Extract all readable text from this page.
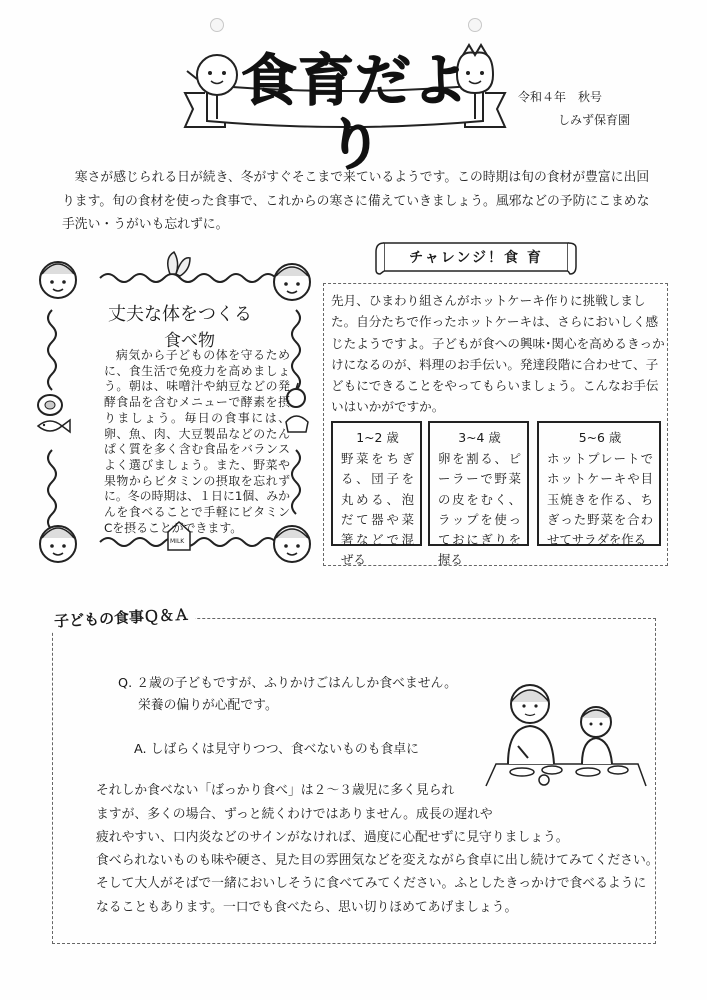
食育だより
令和４年　秋号
しみず保育園
寒さが感じられる日が続き、冬がすぐそこまで来ているようです。この時期は旬の食材が豊富に出回ります。旬の食材を使った食事で、これからの寒さに備えていきましょう。風邪などの予防にこまめな手洗い・うがいも忘れずに。
MILK
丈夫な体をつくる
食べ物
病気から子どもの体を守るために、食生活で免疫力を高めましょう。朝は、味噌汁や納豆などの発酵食品を含むメニューで酵素を摂りましょう。毎日の食事には、卵、魚、肉、大豆製品などのたんぱく質を多く含む食品をバランスよく選びましょう。また、野菜や果物からビタミンの摂取を忘れずに。冬の時期は、１日に1個、みかんを食べることで手軽にビタミンCを摂ることができます。
チャレンジ！食 育
先月、ひまわり組さんがホットケーキ作りに挑戦しました。自分たちで作ったホットケーキは、さらにおいしく感じたようですよ。子どもが食への興味･関心を高めるきっかけになるのが、料理のお手伝い。発達段階に合わせて、子どもにできることをやってもらいましょう。こんなお手伝いはいかがですか。
1~2 歳
野菜をちぎる、団子を丸める、泡だて器や菜箸などで混ぜる
3~4 歳
卵を割る、ピーラーで野菜の皮をむく、ラップを使っておにぎりを握る
5~6 歳
ホットプレートでホットケーキや目玉焼きを作る、ちぎった野菜を合わせてサラダを作る
子どもの食事Ｑ＆Ａ
Q. ２歳の子どもですが、ふりかけごはんしか食べません。
栄養の偏りが心配です。
A. しばらくは見守りつつ、食べないものも食卓に
それしか食べない「ばっかり食べ」は２～３歳児に多く見られ
ますが、多くの場合、ずっと続くわけではありません。成長の遅れや
疲れやすい、口内炎などのサインがなければ、過度に心配せずに見守りましょう。
食べられないものも味や硬さ、見た目の雰囲気などを変えながら食卓に出し続けてみてください。
そして大人がそばで一緒においしそうに食べてみてください。ふとしたきっかけで食べるように
なることもあります。一口でも食べたら、思い切りほめてあげましょう。
